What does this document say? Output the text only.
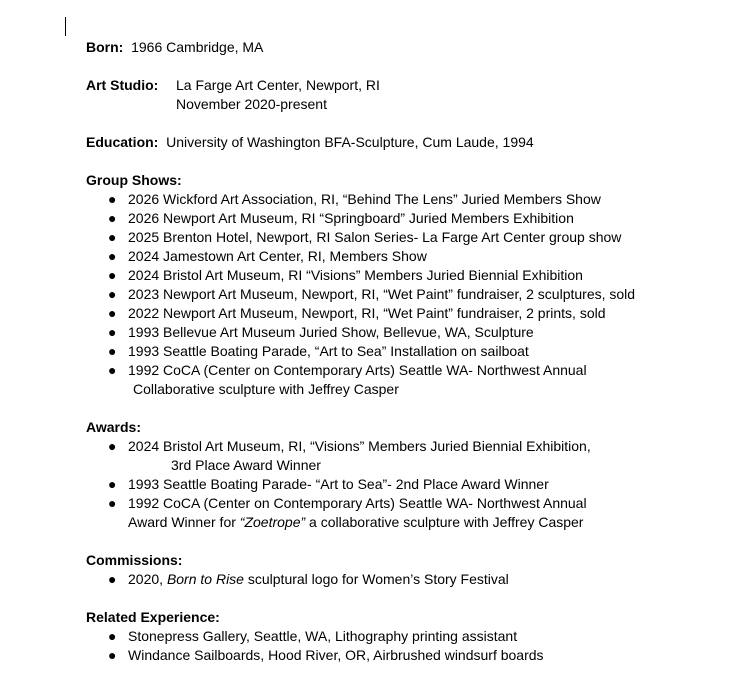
Born: 1966 Cambridge, MA
Art Studio:	La Farge Art Center, Newport, RI
November 2020-present
Education: University of Washington BFA-Sculpture, Cum Laude, 1994
Group Shows:
● 2026 Wickford Art Association, RI, “Behind The Lens” Juried Members Show
● 2026 Newport Art Museum, RI “Springboard” Juried Members Exhibition
● 2025 Brenton Hotel, Newport, RI Salon Series- La Farge Art Center group show
● 2024 Jamestown Art Center, RI, Members Show
● 2024 Bristol Art Museum, RI “Visions” Members Juried Biennial Exhibition
● 2023 Newport Art Museum, Newport, RI, “Wet Paint” fundraiser, 2 sculptures, sold
● 2022 Newport Art Museum, Newport, RI, “Wet Paint” fundraiser, 2 prints, sold
● 1993 Bellevue Art Museum Juried Show, Bellevue, WA, Sculpture
● 1993 Seattle Boating Parade, “Art to Sea” Installation on sailboat
● 1992 CoCA (Center on Contemporary Arts) Seattle WA- Northwest Annual
Collaborative sculpture with Jeffrey Casper
Awards:
● 2024 Bristol Art Museum, RI, “Visions” Members Juried Biennial Exhibition,
3rd Place Award Winner
● 1993 Seattle Boating Parade- “Art to Sea”- 2nd Place Award Winner
● 1992 CoCA (Center on Contemporary Arts) Seattle WA- Northwest Annual
Award Winner for “Zoetrope” a collaborative sculpture with Jeffrey Casper
Commissions:
● 2020, Born to Rise sculptural logo for Women’s Story Festival
Related Experience:
● Stonepress Gallery, Seattle, WA, Lithography printing assistant
● Windance Sailboards, Hood River, OR, Airbrushed windsurf boards
